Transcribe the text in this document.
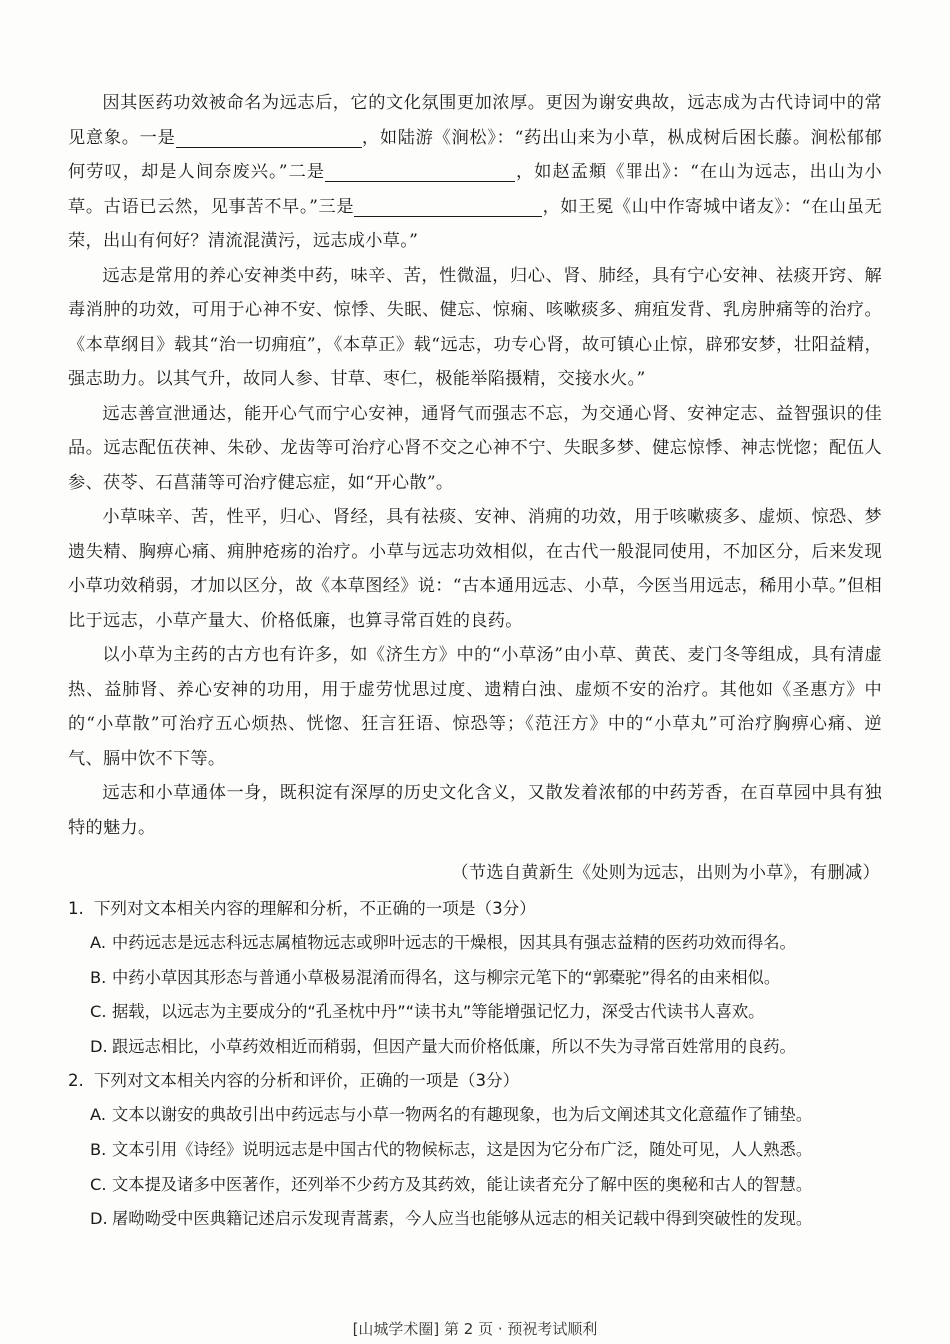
因其医药功效被命名为远志后，它的文化氛围更加浓厚。更因为谢安典故，远志成为古代诗词中的常见意象。一是	，如陆游《涧松》：“药出山来为小草，枞成树后困长藤。涧松郁郁何劳叹，却是人间奈废兴。”二是	，如赵孟頫《罪出》：“在山为远志，出山为小草。古语已云然，见事苦不早。”三是	，如王冕《山中作寄城中诸友》：“在山虽无荣，出山有何好？清流混潢污，远志成小草。”

远志是常用的养心安神类中药，味辛、苦，性微温，归心、肾、肺经，具有宁心安神、祛痰开窍、解毒消肿的功效，可用于心神不安、惊悸、失眠、健忘、惊痫、咳嗽痰多、痈疽发背、乳房肿痛等的治疗。《本草纲目》载其“治一切痈疽”，《本草正》载“远志，功专心肾，故可镇心止惊，辟邪安梦，壮阳益精，强志助力。以其气升，故同人参、甘草、枣仁，极能举陷摄精，交接水火。”

远志善宣泄通达，能开心气而宁心安神，通肾气而强志不忘，为交通心肾、安神定志、益智强识的佳品。远志配伍茯神、朱砂、龙齿等可治疗心肾不交之心神不宁、失眠多梦、健忘惊悸、神志恍惚；配伍人参、茯苓、石菖蒲等可治疗健忘症，如“开心散”。

小草味辛、苦，性平，归心、肾经，具有祛痰、安神、消痈的功效，用于咳嗽痰多、虚烦、惊恐、梦遗失精、胸痹心痛、痈肿疮疡的治疗。小草与远志功效相似，在古代一般混同使用，不加区分，后来发现小草功效稍弱，才加以区分，故《本草图经》说：“古本通用远志、小草，今医当用远志，稀用小草。”但相比于远志，小草产量大、价格低廉，也算寻常百姓的良药。

以小草为主药的古方也有许多，如《济生方》中的“小草汤”由小草、黄芪、麦门冬等组成，具有清虚热、益肺肾、养心安神的功用，用于虚劳忧思过度、遗精白浊、虚烦不安的治疗。其他如《圣惠方》中的“小草散”可治疗五心烦热、恍惚、狂言狂语、惊恐等；《范汪方》中的“小草丸”可治疗胸痹心痛、逆气、膈中饮不下等。

远志和小草通体一身，既积淀有深厚的历史文化含义，又散发着浓郁的中药芳香，在百草园中具有独特的魅力。

（节选自黄新生《处则为远志，出则为小草》，有删减）

1. 下列对文本相关内容的理解和分析，不正确的一项是（3分）

A. 中药远志是远志科远志属植物远志或卵叶远志的干燥根，因其具有强志益精的医药功效而得名。

B. 中药小草因其形态与普通小草极易混淆而得名，这与柳宗元笔下的“郭橐驼”得名的由来相似。

C. 据载，以远志为主要成分的“孔圣枕中丹”“读书丸”等能增强记忆力，深受古代读书人喜欢。

D. 跟远志相比，小草药效相近而稍弱，但因产量大而价格低廉，所以不失为寻常百姓常用的良药。

2. 下列对文本相关内容的分析和评价，正确的一项是（3分）

A. 文本以谢安的典故引出中药远志与小草一物两名的有趣现象，也为后文阐述其文化意蕴作了铺垫。

B. 文本引用《诗经》说明远志是中国古代的物候标志，这是因为它分布广泛，随处可见，人人熟悉。

C. 文本提及诸多中医著作，还列举不少药方及其药效，能让读者充分了解中医的奥秘和古人的智慧。

D. 屠呦呦受中医典籍记述启示发现青蒿素，今人应当也能够从远志的相关记载中得到突破性的发现。

[山城学术圈] 第 2 页 · 预祝考试顺利
